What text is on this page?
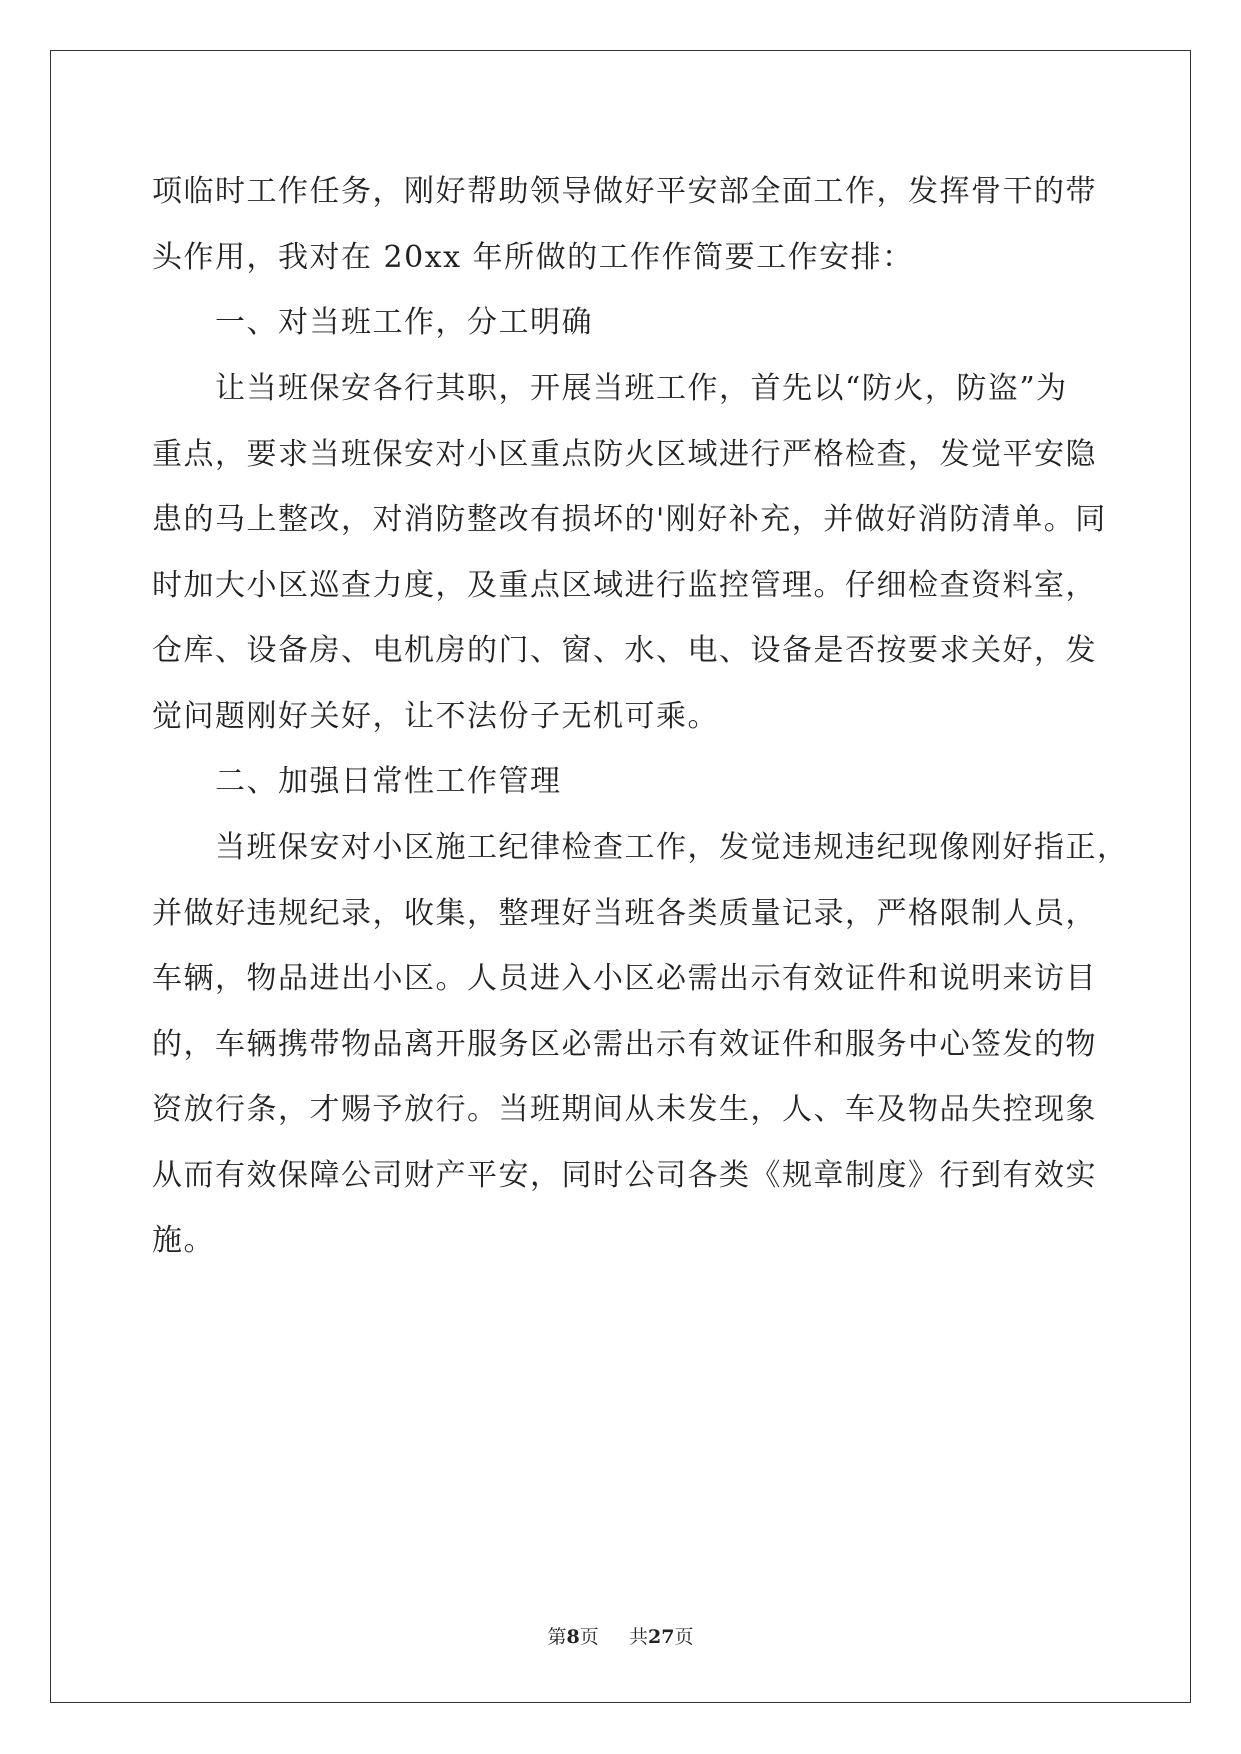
项临时工作任务，刚好帮助领导做好平安部全面工作，发挥骨干的带
头作用，我对在 20xx 年所做的工作作简要工作安排：
一、对当班工作，分工明确
让当班保安各行其职，开展当班工作，首先以“防火，防盗”为
重点，要求当班保安对小区重点防火区域进行严格检查，发觉平安隐
患的马上整改，对消防整改有损坏的'刚好补充，并做好消防清单。同
时加大小区巡查力度，及重点区域进行监控管理。仔细检查资料室，
仓库、设备房、电机房的门、窗、水、电、设备是否按要求关好，发
觉问题刚好关好，让不法份子无机可乘。
二、加强日常性工作管理
当班保安对小区施工纪律检查工作，发觉违规违纪现像刚好指正，
并做好违规纪录，收集，整理好当班各类质量记录，严格限制人员，
车辆，物品进出小区。人员进入小区必需出示有效证件和说明来访目
的，车辆携带物品离开服务区必需出示有效证件和服务中心签发的物
资放行条，才赐予放行。当班期间从未发生，人、车及物品失控现象
从而有效保障公司财产平安，同时公司各类《规章制度》行到有效实
施。
第8页 共27页
